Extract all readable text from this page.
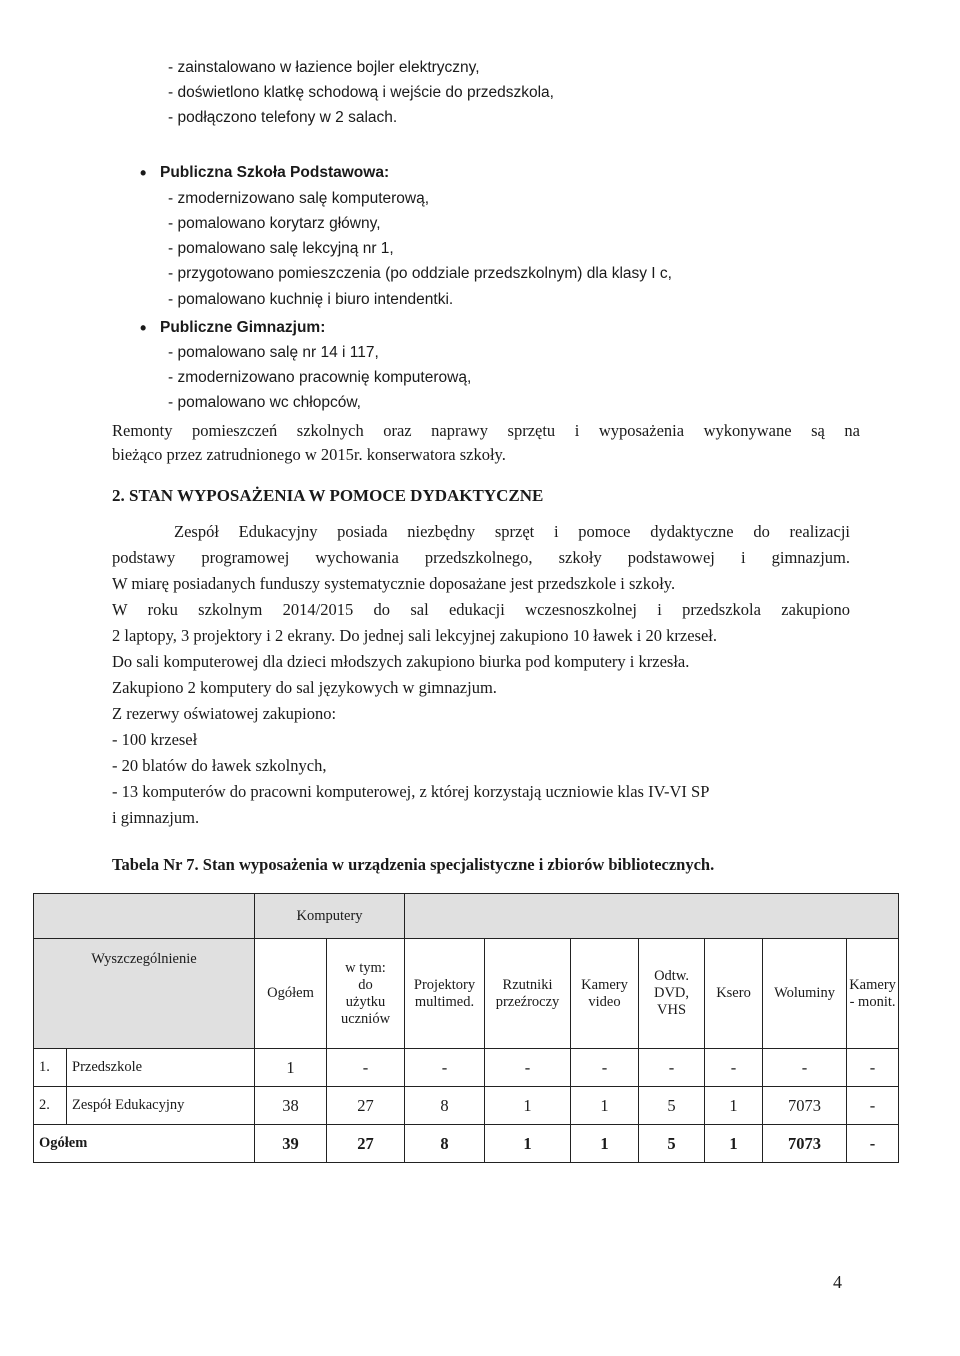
- zainstalowano w łazience bojler elektryczny,
- doświetlono klatkę schodową i wejście do przedszkola,
- podłączono telefony w 2 salach.
• Publiczna Szkoła Podstawowa:
- zmodernizowano salę komputerową,
- pomalowano korytarz główny,
- pomalowano salę lekcyjną nr 1,
- przygotowano pomieszczenia (po oddziale przedszkolnym) dla klasy I c,
- pomalowano kuchnię i biuro intendentki.
• Publiczne Gimnazjum:
- pomalowano salę nr 14 i 117,
- zmodernizowano pracownię komputerową,
- pomalowano wc chłopców,
Remonty pomieszczeń szkolnych oraz naprawy sprzętu i wyposażenia wykonywane są na
bieżąco przez zatrudnionego w 2015r. konserwatora szkoły.
2. STAN WYPOSAŻENIA W POMOCE DYDAKTYCZNE
Zespół Edukacyjny posiada niezbędny sprzęt i pomoce dydaktyczne do realizacji
podstawy programowej wychowania przedszkolnego, szkoły podstawowej i gimnazjum.
W miarę posiadanych funduszy systematycznie doposażane jest przedszkole i szkoły.
W roku szkolnym 2014/2015 do sal edukacji wczesnoszkolnej i przedszkola zakupiono
2 laptopy, 3 projektory i 2 ekrany. Do jednej sali lekcyjnej zakupiono 10 ławek i 20 krzeseł.
Do sali komputerowej dla dzieci młodszych zakupiono biurka pod komputery i krzesła.
Zakupiono 2 komputery do sal językowych w gimnazjum.
Z rezerwy oświatowej zakupiono:
- 100 krzeseł
- 20 blatów do ławek szkolnych,
- 13 komputerów do pracowni komputerowej, z której korzystają uczniowie klas IV-VI SP
i gimnazjum.
Tabela Nr 7. Stan wyposażenia w urządzenia specjalistyczne i zbiorów bibliotecznych.
		Komputery								
Wyszczególnienie		Ogółem	w tym:
do
użytku
uczniów	Projektory
multimed.	Rzutniki
przeźroczy	Kamery
video	Odtw.
DVD,
VHS	Ksero	Woluminy	Kamery
- monit.
1.	Przedszkole	1	-	-	-	-	-	-	-	-
2.	Zespół Edukacyjny	38	27	8	1	1	5	1	7073	-
Ogółem		39	27	8	1	1	5	1	7073	-
4
